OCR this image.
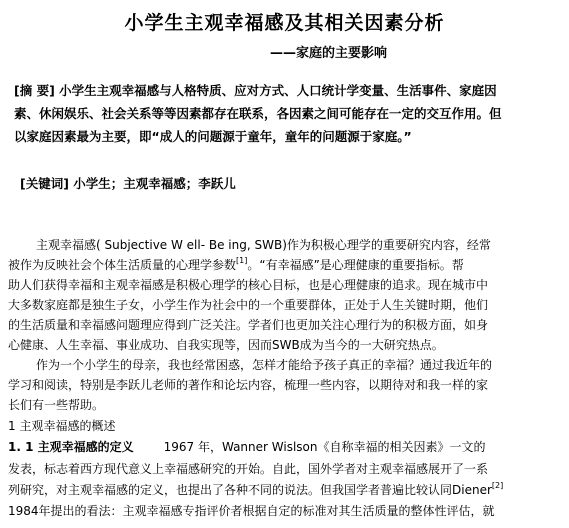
小学生主观幸福感及其相关因素分析
——家庭的主要影响
[摘 要] 小学生主观幸福感与人格特质、应对方式、人口统计学变量、生活事件、家庭因
素、休闲娱乐、社会关系等等因素都存在联系，各因素之间可能存在一定的交互作用。但
以家庭因素最为主要，即“成人的问题源于童年，童年的问题源于家庭。”
[关键词] 小学生；主观幸福感；李跃儿
主观幸福感( Subjective W ell- Be ing, SWB)作为积极心理学的重要研究内容，经常
被作为反映社会个体生活质量的心理学参数[1]。“有幸福感”是心理健康的重要指标。帮
助人们获得幸福和主观幸福感是积极心理学的核心目标，也是心理健康的追求。现在城市中
大多数家庭都是独生子女，小学生作为社会中的一个重要群体，正处于人生关键时期，他们
的生活质量和幸福感问题理应得到广泛关注。学者们也更加关注心理行为的积极方面，如身
心健康、人生幸福、事业成功、自我实现等，因而SWB成为当今的一大研究热点。
作为一个小学生的母亲，我也经常困惑，怎样才能给予孩子真正的幸福？通过我近年的
学习和阅读，特别是李跃儿老师的著作和论坛内容，梳理一些内容，以期待对和我一样的家
长们有一些帮助。
1 主观幸福感的概述
1. 1 主观幸福感的定义	1967 年，Wanner Wislson《自称幸福的相关因素》一文的
发表，标志着西方现代意义上幸福感研究的开始。自此，国外学者对主观幸福感展开了一系
列研究，对主观幸福感的定义，也提出了各种不同的说法。但我国学者普遍比较认同Diener[2]
1984年提出的看法：主观幸福感专指评价者根据自定的标准对其生活质量的整体性评估，就
